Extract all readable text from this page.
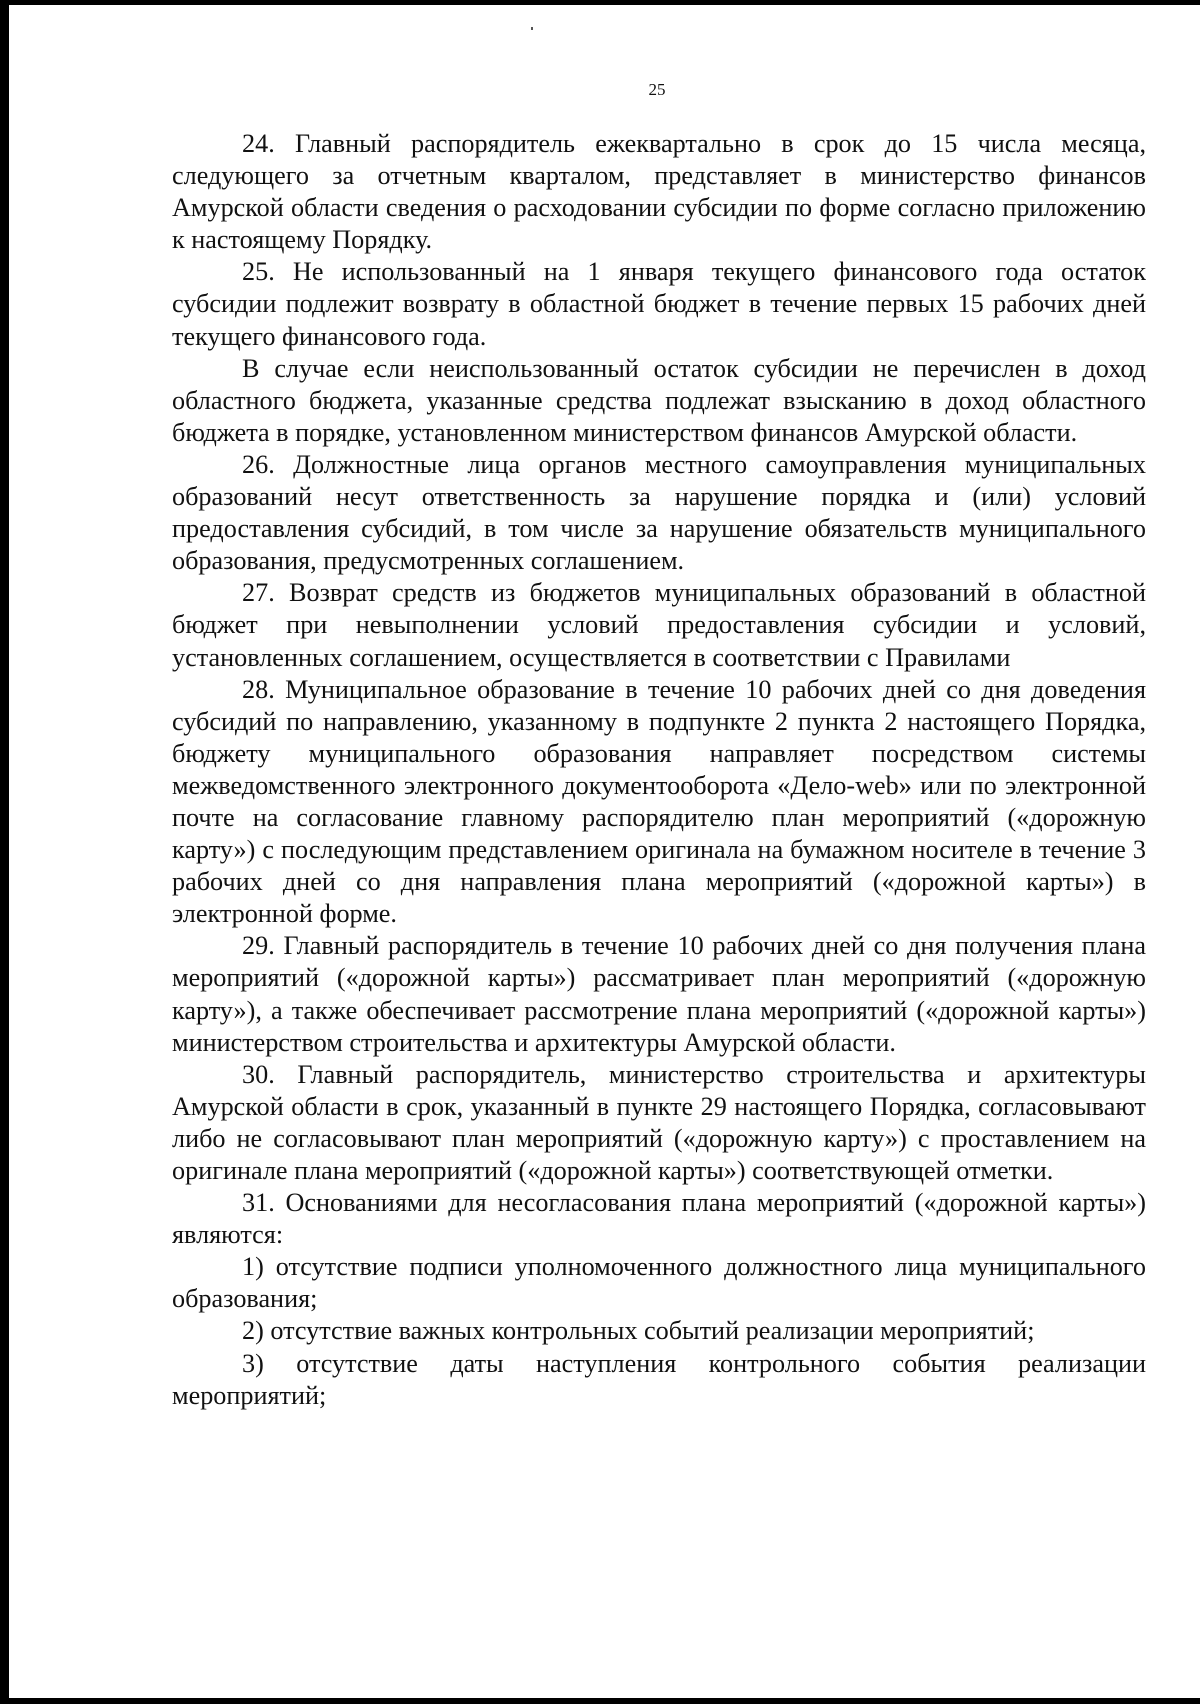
25

24. Главный распорядитель ежеквартально в срок до 15 числа месяца, следующего за отчетным кварталом, представляет в министерство финансов Амурской области сведения о расходовании субсидии по форме согласно приложению к настоящему Порядку.

25. Не использованный на 1 января текущего финансового года остаток субсидии подлежит возврату в областной бюджет в течение первых 15 рабочих дней текущего финансового года.

В случае если неиспользованный остаток субсидии не перечислен в доход областного бюджета, указанные средства подлежат взысканию в доход областного бюджета в порядке, установленном министерством финансов Амурской области.

26. Должностные лица органов местного самоуправления муниципальных образований несут ответственность за нарушение порядка и (или) условий предоставления субсидий, в том числе за нарушение обязательств муниципального образования, предусмотренных соглашением.

27. Возврат средств из бюджетов муниципальных образований в областной бюджет при невыполнении условий предоставления субсидии и условий, установленных соглашением, осуществляется в соответствии с Правилами

28. Муниципальное образование в течение 10 рабочих дней со дня доведения субсидий по направлению, указанному в подпункте 2 пункта 2 настоящего Порядка, бюджету муниципального образования направляет посредством системы межведомственного электронного документооборота «Дело-web» или по электронной почте на согласование главному распорядителю план мероприятий («дорожную карту») с последующим представлением оригинала на бумажном носителе в течение 3 рабочих дней со дня направления плана мероприятий («дорожной карты») в электронной форме.

29. Главный распорядитель в течение 10 рабочих дней со дня получения плана мероприятий («дорожной карты») рассматривает план мероприятий («дорожную карту»), а также обеспечивает рассмотрение плана мероприятий («дорожной карты») министерством строительства и архитектуры Амурской области.

30. Главный распорядитель, министерство строительства и архитектуры Амурской области в срок, указанный в пункте 29 настоящего Порядка, согласовывают либо не согласовывают план мероприятий («дорожную карту») с проставлением на оригинале плана мероприятий («дорожной карты») соответствующей отметки.

31. Основаниями для несогласования плана мероприятий («дорожной карты») являются:

1) отсутствие подписи уполномоченного должностного лица муниципального образования;

2) отсутствие важных контрольных событий реализации мероприятий;

3) отсутствие даты наступления контрольного события реализации мероприятий;
